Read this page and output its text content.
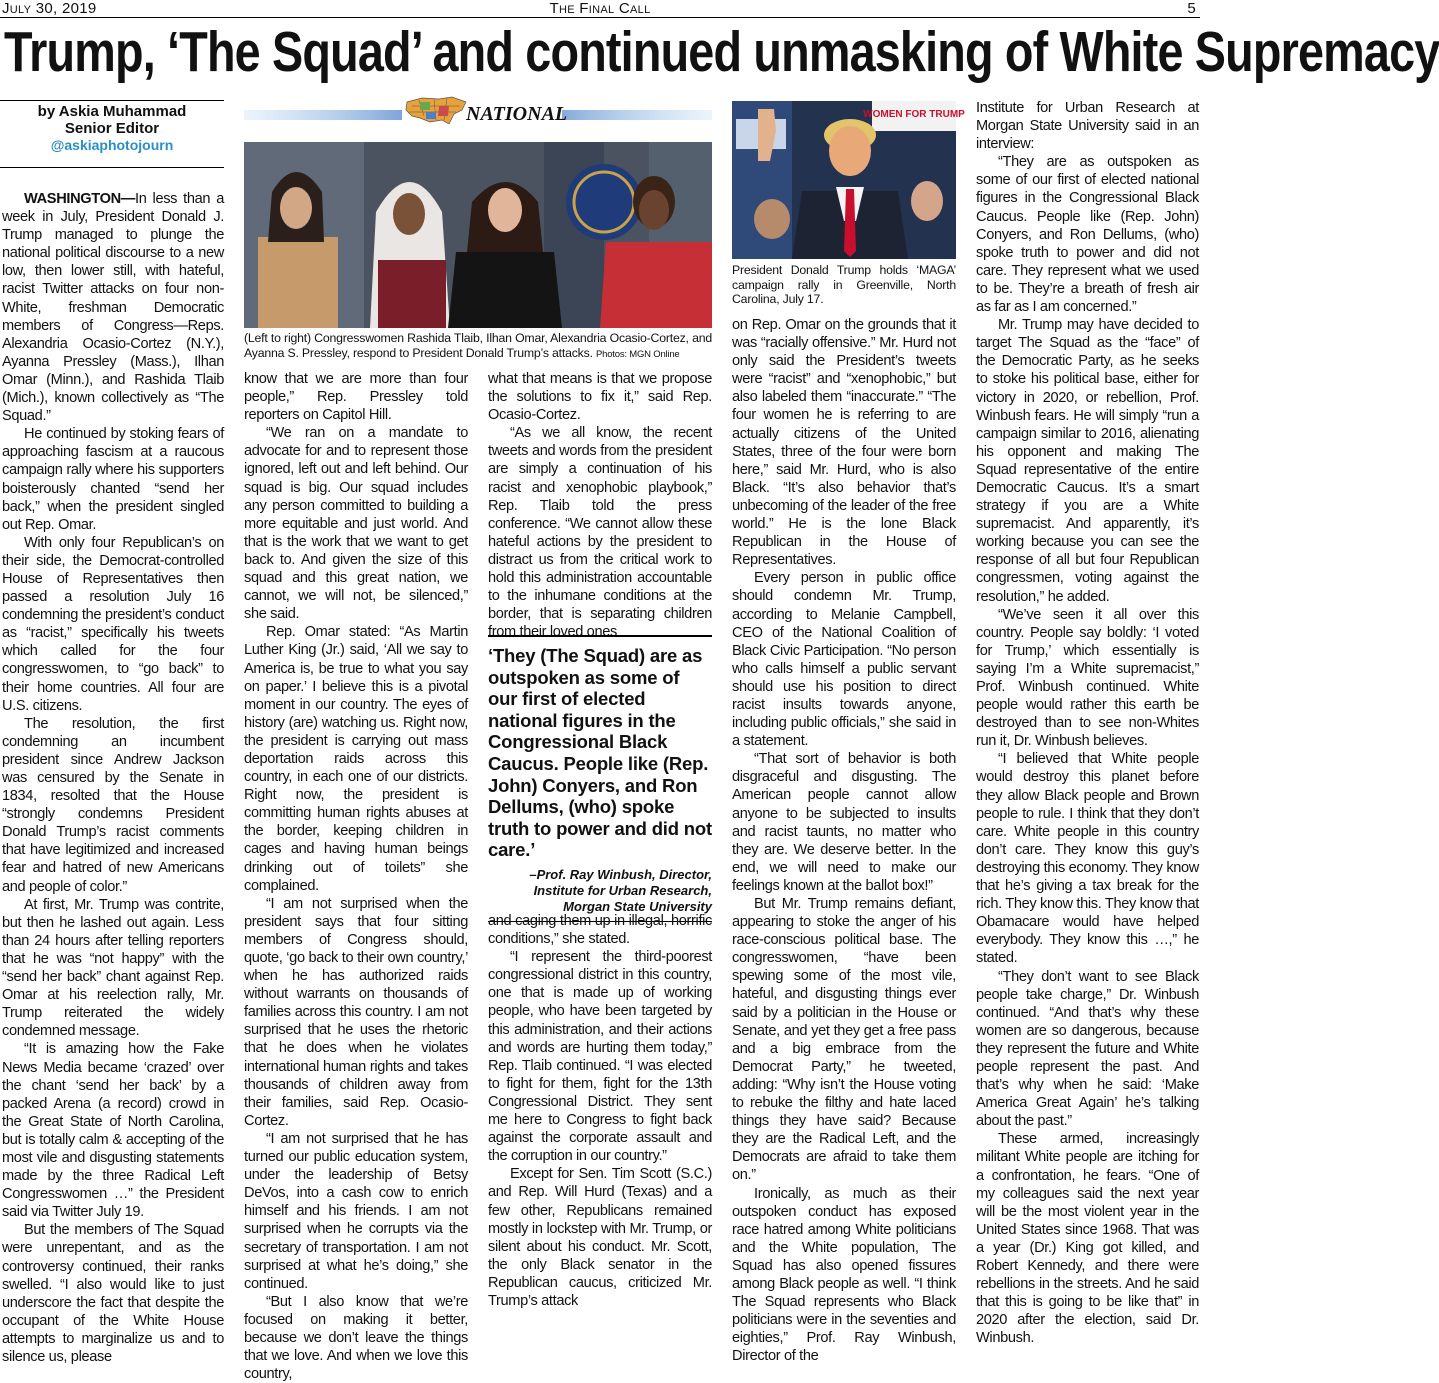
July 30, 2019	The Final Call	5
Trump, ‘The Squad’ and continued unmasking of White Supremacy
by Askia Muhammad
Senior Editor
@askiaphotojourn

WASHINGTON—In less than a week in July, President Donald J. Trump managed to plunge the national political discourse to a new low, then lower still, with hateful, racist Twitter attacks on four non-White, freshman Democratic members of Congress—Reps. Alexandria Ocasio-Cortez (N.Y.), Ayanna Pressley (Mass.), Ilhan Omar (Minn.), and Rashida Tlaib (Mich.), known collectively as “The Squad.”

He continued by stoking fears of approaching fascism at a raucous campaign rally where his supporters boisterously chanted “send her back,” when the president singled out Rep. Omar.

With only four Republican’s on their side, the Democrat-controlled House of Representatives then passed a resolution July 16 condemning the president’s conduct as “racist,” specifically his tweets which called for the four congresswomen, to “go back” to their home countries. All four are U.S. citizens.

The resolution, the first condemning an incumbent president since Andrew Jackson was censured by the Senate in 1834, resolted that the House “strongly condemns President Donald Trump’s racist comments that have legitimized and increased fear and hatred of new Americans and people of color.”

At first, Mr. Trump was contrite, but then he lashed out again. Less than 24 hours after telling reporters that he was “not happy” with the “send her back” chant against Rep. Omar at his reelection rally, Mr. Trump reiterated the widely condemned message.

“It is amazing how the Fake News Media became ‘crazed’ over the chant ‘send her back’ by a packed Arena (a record) crowd in the Great State of North Carolina, but is totally calm & accepting of the most vile and disgusting statements made by the three Radical Left Congresswomen …” the President said via Twitter July 19.

But the members of The Squad were unrepentant, and as the controversy continued, their ranks swelled. “I also would like to just underscore the fact that despite the occupant of the White House attempts to marginalize us and to silence us, please

NATIONAL
(Left to right) Congresswomen Rashida Tlaib, Ilhan Omar, Alexandria Ocasio-Cortez, and Ayanna S. Pressley, respond to President Donald Trump’s attacks. Photos: MGN Online

know that we are more than four people,” Rep. Pressley told reporters on Capitol Hill.

“We ran on a mandate to advocate for and to represent those ignored, left out and left behind. Our squad is big. Our squad includes any person committed to building a more equitable and just world. And that is the work that we want to get back to. And given the size of this squad and this great nation, we cannot, we will not, be silenced,” she said.

Rep. Omar stated: “As Martin Luther King (Jr.) said, ‘All we say to America is, be true to what you say on paper.’ I believe this is a pivotal moment in our country. The eyes of history (are) watching us. Right now, the president is carrying out mass deportation raids across this country, in each one of our districts. Right now, the president is committing human rights abuses at the border, keeping children in cages and having human beings drinking out of toilets” she complained.

“I am not surprised when the president says that four sitting members of Congress should, quote, ‘go back to their own country,’ when he has authorized raids without warrants on thousands of families across this country. I am not surprised that he uses the rhetoric that he does when he violates international human rights and takes thousands of children away from their families, said Rep. Ocasio-Cortez.

“I am not surprised that he has turned our public education system, under the leadership of Betsy DeVos, into a cash cow to enrich himself and his friends. I am not surprised when he corrupts via the secretary of transportation. I am not surprised at what he’s doing,” she continued.

“But I also know that we’re focused on making it better, because we don’t leave the things that we love. And when we love this country,

what that means is that we propose the solutions to fix it,” said Rep. Ocasio-Cortez.

“As we all know, the recent tweets and words from the president are simply a continuation of his racist and xenophobic playbook,” Rep. Tlaib told the press conference. “We cannot allow these hateful actions by the president to distract us from the critical work to hold this administration accountable to the inhumane conditions at the border, that is separating children from their loved ones

‘They (The Squad) are as outspoken as some of our first of elected national figures in the Congressional Black Caucus. People like (Rep. John) Conyers, and Ron Dellums, (who) spoke truth to power and did not care.’
–Prof. Ray Winbush, Director,
Institute for Urban Research,
Morgan State University

and caging them up in illegal, horrific conditions,” she stated.

“I represent the third-poorest congressional district in this country, one that is made up of working people, who have been targeted by this administration, and their actions and words are hurting them today,” Rep. Tlaib continued. “I was elected to fight for them, fight for the 13th Congressional District. They sent me here to Congress to fight back against the corporate assault and the corruption in our country.”

Except for Sen. Tim Scott (S.C.) and Rep. Will Hurd (Texas) and a few other, Republicans remained mostly in lockstep with Mr. Trump, or silent about his conduct. Mr. Scott, the only Black senator in the Republican caucus, criticized Mr. Trump’s attack

WOMEN FOR TRUMP
President Donald Trump holds ‘MAGA’ campaign rally in Greenville, North Carolina, July 17.

on Rep. Omar on the grounds that it was “racially offensive.” Mr. Hurd not only said the President’s tweets were “racist” and “xenophobic,” but also labeled them “inaccurate.” “The four women he is referring to are actually citizens of the United States, three of the four were born here,” said Mr. Hurd, who is also Black. “It’s also behavior that’s unbecoming of the leader of the free world.” He is the lone Black Republican in the House of Representatives.

Every person in public office should condemn Mr. Trump, according to Melanie Campbell, CEO of the National Coalition of Black Civic Participation. “No person who calls himself a public servant should use his position to direct racist insults towards anyone, including public officials,” she said in a statement.

“That sort of behavior is both disgraceful and disgusting. The American people cannot allow anyone to be subjected to insults and racist taunts, no matter who they are. We deserve better. In the end, we will need to make our feelings known at the ballot box!”

But Mr. Trump remains defiant, appearing to stoke the anger of his race-conscious political base. The congresswomen, “have been spewing some of the most vile, hateful, and disgusting things ever said by a politician in the House or Senate, and yet they get a free pass and a big embrace from the Democrat Party,” he tweeted, adding: “Why isn’t the House voting to rebuke the filthy and hate laced things they have said? Because they are the Radical Left, and the Democrats are afraid to take them on.”

Ironically, as much as their outspoken conduct has exposed race hatred among White politicians and the White population, The Squad has also opened fissures among Black people as well. “I think The Squad represents who Black politicians were in the seventies and eighties,” Prof. Ray Winbush, Director of the

Institute for Urban Research at Morgan State University said in an interview:

“They are as outspoken as some of our first of elected national figures in the Congressional Black Caucus. People like (Rep. John) Conyers, and Ron Dellums, (who) spoke truth to power and did not care. They represent what we used to be. They’re a breath of fresh air as far as I am concerned.”

Mr. Trump may have decided to target The Squad as the “face” of the Democratic Party, as he seeks to stoke his political base, either for victory in 2020, or rebellion, Prof. Winbush fears. He will simply “run a campaign similar to 2016, alienating his opponent and making The Squad representative of the entire Democratic Caucus. It’s a smart strategy if you are a White supremacist. And apparently, it’s working because you can see the response of all but four Republican congressmen, voting against the resolution,” he added.

“We’ve seen it all over this country. People say boldly: ‘I voted for Trump,’ which essentially is saying I’m a White supremacist,” Prof. Winbush continued. White people would rather this earth be destroyed than to see non-Whites run it, Dr. Winbush believes.

“I believed that White people would destroy this planet before they allow Black people and Brown people to rule. I think that they don’t care. White people in this country don’t care. They know this guy’s destroying this economy. They know that he’s giving a tax break for the rich. They know this. They know that Obamacare would have helped everybody. They know this …,” he stated.

“They don’t want to see Black people take charge,” Dr. Winbush continued. “And that’s why these women are so dangerous, because they represent the future and White people represent the past. And that’s why when he said: ‘Make America Great Again’ he’s talking about the past.”

These armed, increasingly militant White people are itching for a confrontation, he fears. “One of my colleagues said the next year will be the most violent year in the United States since 1968. That was a year (Dr.) King got killed, and Robert Kennedy, and there were rebellions in the streets. And he said that this is going to be like that” in 2020 after the election, said Dr. Winbush.
